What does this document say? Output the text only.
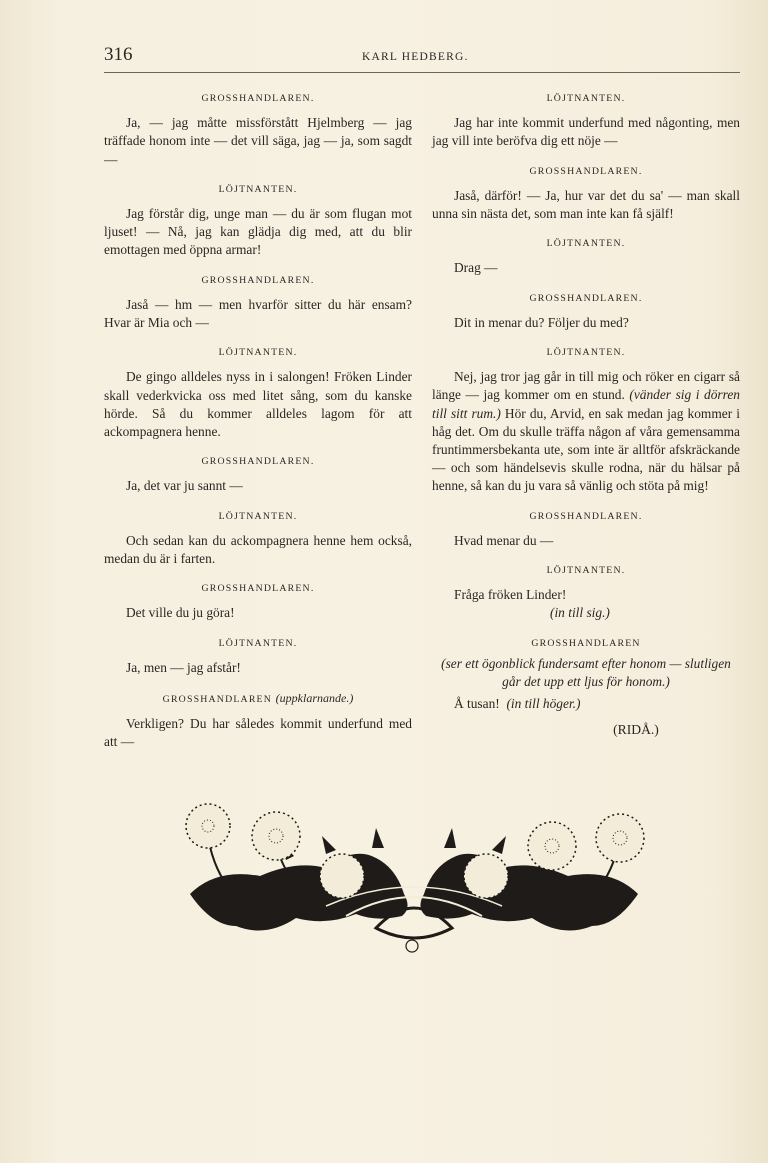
316	KARL HEDBERG.
GROSSHANDLAREN.

Ja, — jag måtte missförstått Hjelmberg — jag träffade honom inte — det vill säga, jag — ja, som sagdt —

LÖJTNANTEN.

Jag förstår dig, unge man — du är som flugan mot ljuset! — Nå, jag kan glädja dig med, att du blir emottagen med öppna armar!

GROSSHANDLAREN.

Jaså — hm — men hvarför sitter du här ensam? Hvar är Mia och —

LÖJTNANTEN.

De gingo alldeles nyss in i salongen! Fröken Linder skall vederkvicka oss med litet sång, som du kanske hörde. Så du kommer alldeles lagom för att ackompagnera henne.

GROSSHANDLAREN.

Ja, det var ju sannt —

LÖJTNANTEN.

Och sedan kan du ackompagnera henne hem också, medan du är i farten.

GROSSHANDLAREN.

Det ville du ju göra!

LÖJTNANTEN.

Ja, men — jag afstår!

GROSSHANDLAREN (uppklarnande.)

Verkligen? Du har således kommit underfund med att —

LÖJTNANTEN.

Jag har inte kommit underfund med någonting, men jag vill inte beröfva dig ett nöje —

GROSSHANDLAREN.

Jaså, därför! — Ja, hur var det du sa' — man skall unna sin nästa det, som man inte kan få själf!

LÖJTNANTEN.

Drag —

GROSSHANDLAREN.

Dit in menar du? Följer du med?

LÖJTNANTEN.

Nej, jag tror jag går in till mig och röker en cigarr så länge — jag kommer om en stund. (vänder sig i dörren till sitt rum.) Hör du, Arvid, en sak medan jag kommer i håg det. Om du skulle träffa någon af våra gemensamma fruntimmersbekanta ute, som inte är alltför afskräckande — och som händelsevis skulle rodna, när du hälsar på henne, så kan du ju vara så vänlig och stöta på mig!

GROSSHANDLAREN.

Hvad menar du —

LÖJTNANTEN.

Fråga fröken Linder!

(in till sig.)

GROSSHANDLAREN

(ser ett ögonblick fundersamt efter honom — slutligen går det upp ett ljus för honom.)

Å tusan! (in till höger.)

(RIDÅ.)
